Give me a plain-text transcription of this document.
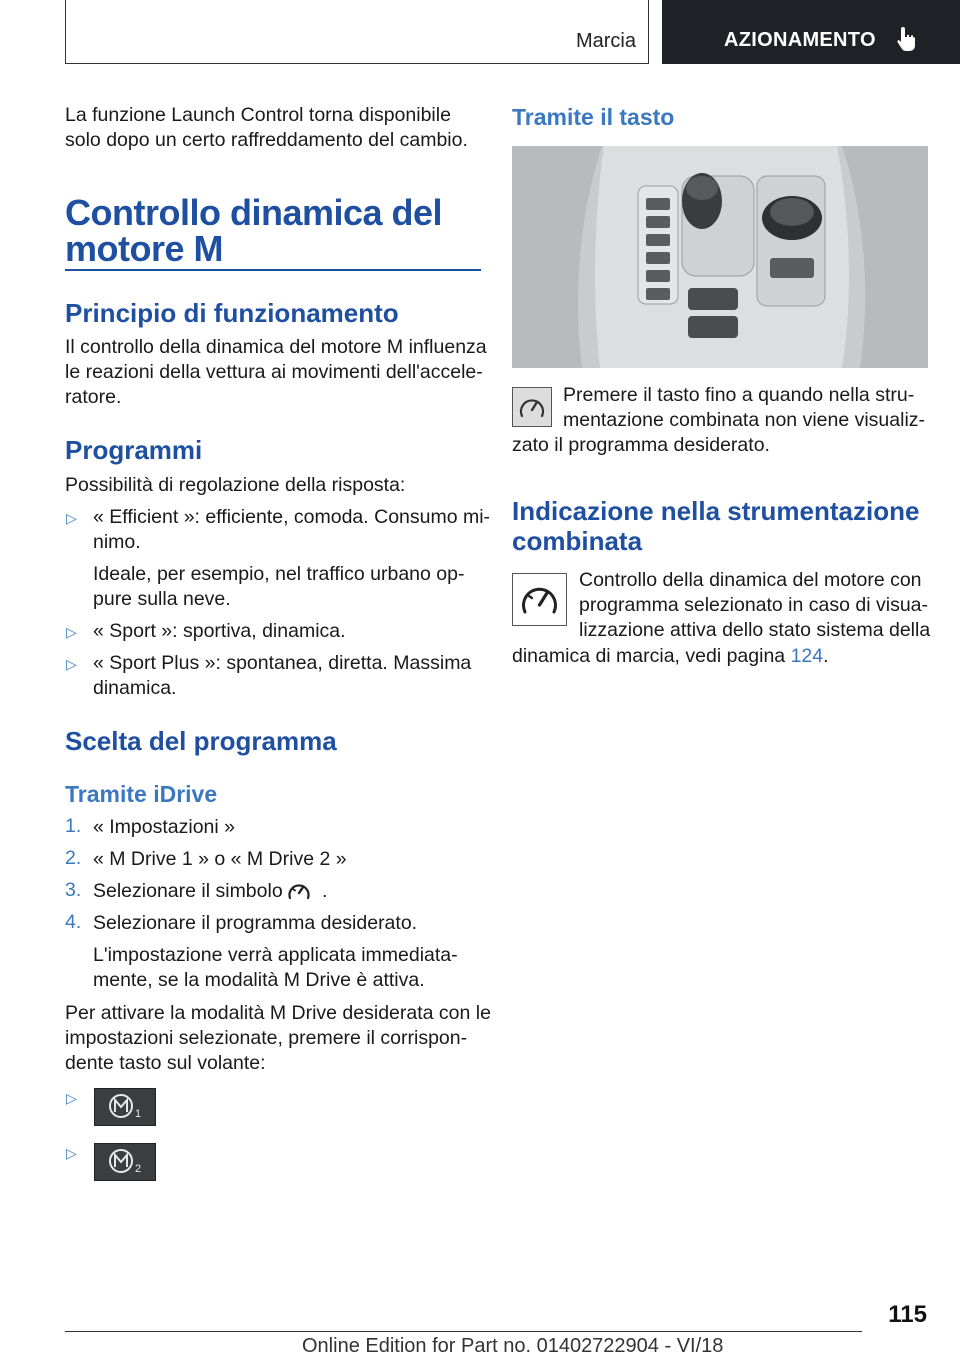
Marcia	AZIONAMENTO

La funzione Launch Control torna disponibile

solo dopo un certo raffreddamento del cambio.

Controllo dinamica del
motore M
Principio di funzionamento

Il controllo della dinamica del motore M influenza

le reazioni della vettura ai movimenti dell'accele-

ratore.

Programmi

Possibilità di regolazione della risposta:

▷ « Efficient »: efficiente, comoda. Consumo mi-

nimo.

Ideale, per esempio, nel traffico urbano op-

pure sulla neve.

▷ « Sport »: sportiva, dinamica.

▷ « Sport Plus »: spontanea, diretta. Massima

dinamica.

Scelta del programma
Tramite iDrive
1. « Impostazioni »

2. « M Drive 1 » o « M Drive 2 »

3. Selezionare il simbolo .

4. Selezionare il programma desiderato.

L'impostazione verrà applicata immediata-

mente, se la modalità M Drive è attiva.

Per attivare la modalità M Drive desiderata con le

impostazioni selezionate, premere il corrispon-

dente tasto sul volante:

▷
1
▷
2
Tramite il tasto

Premere il tasto fino a quando nella stru-

mentazione combinata non viene visualiz-

zato il programma desiderato.

Indicazione nella strumentazione
combinata

Controllo della dinamica del motore con

programma selezionato in caso di visua-

lizzazione attiva dello stato sistema della

dinamica di marcia, vedi pagina 124.

115
Online Edition for Part no. 01402722904 - VI/18
